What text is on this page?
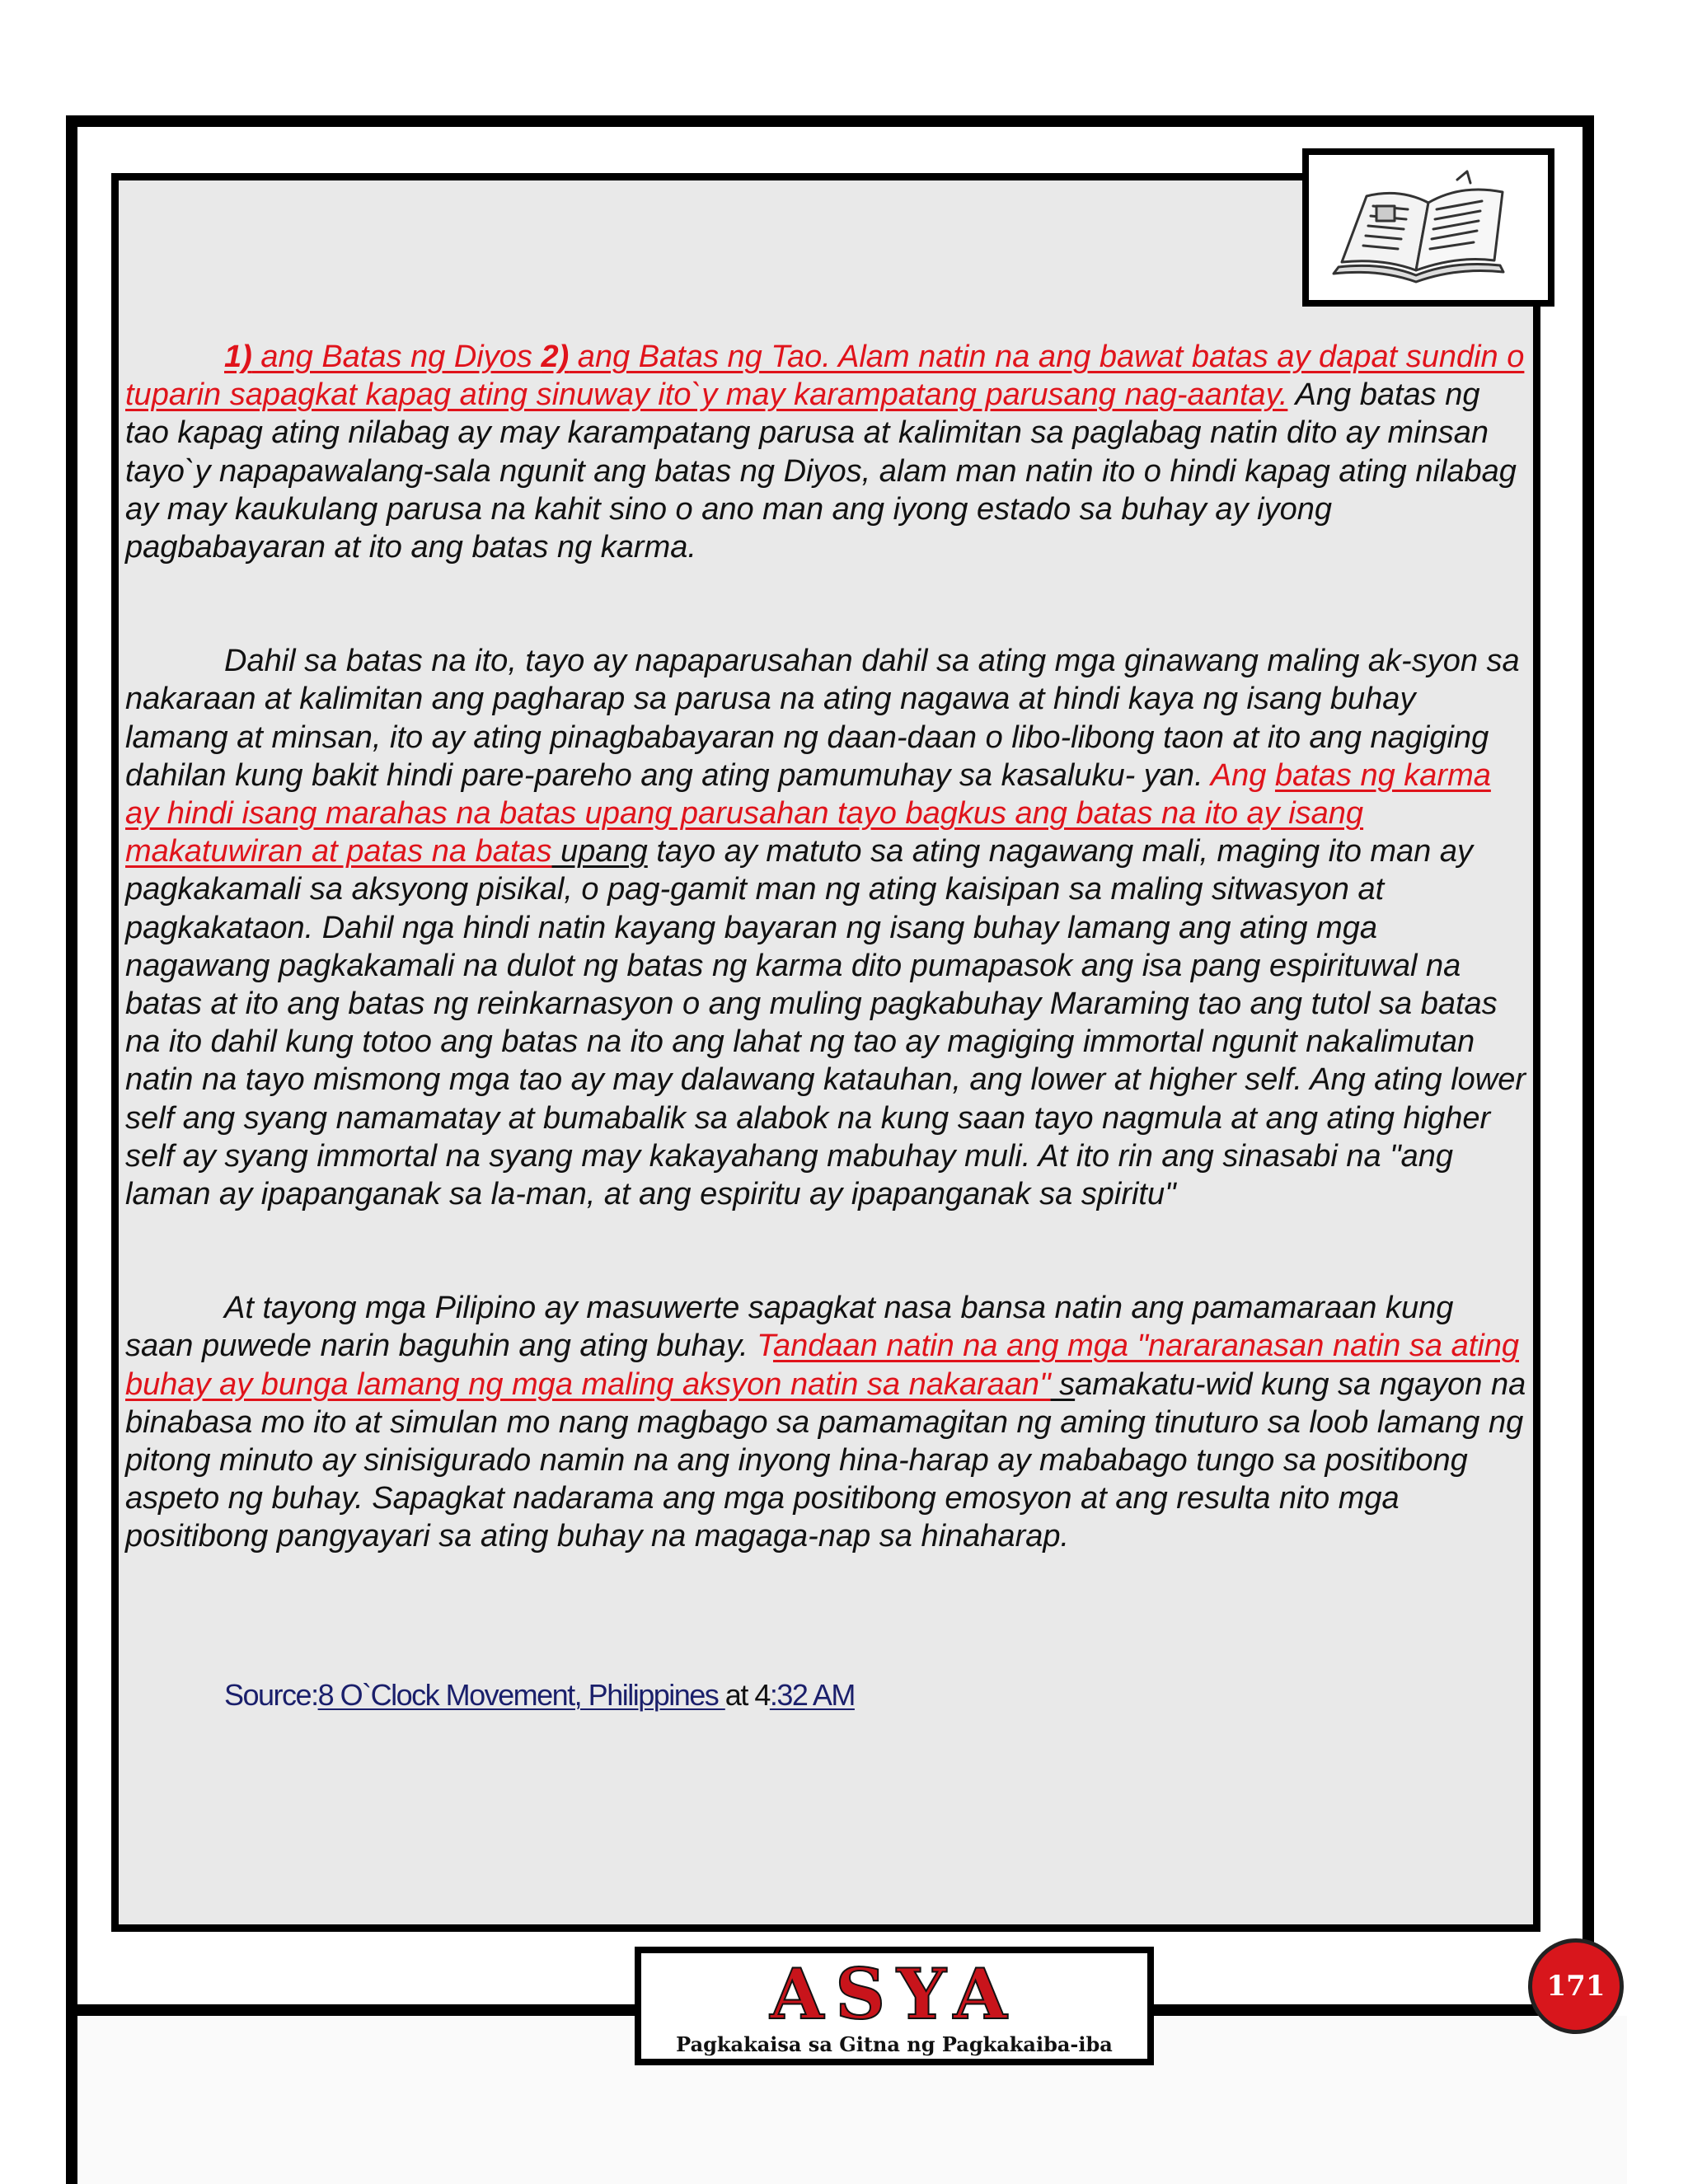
1) ang Batas ng Diyos 2) ang Batas ng Tao. Alam natin na ang bawat batas ay dapat sundin o tuparin sapagkat kapag ating sinuway ito`y may karampatang parusang nag-aantay. Ang batas ng tao kapag ating nilabag ay may karampatang parusa at kalimitan sa paglabag natin dito ay minsan tayo`y napapawalang-sala ngunit ang batas ng Diyos, alam man natin ito o hindi kapag ating nilabag ay may kaukulang parusa na kahit sino o ano man ang iyong estado sa buhay ay iyong pagbabayaran at ito ang batas ng karma.

Dahil sa batas na ito, tayo ay napaparusahan dahil sa ating mga ginawang maling ak-syon sa nakaraan at kalimitan ang pagharap sa parusa na ating nagawa at hindi kaya ng isang buhay lamang at minsan, ito ay ating pinagbabayaran ng daan-daan o libo-libong taon at ito ang nagiging dahilan kung bakit hindi pare-pareho ang ating pamumuhay sa kasaluku- yan. Ang batas ng karma ay hindi isang marahas na batas upang parusahan tayo bagkus ang batas na ito ay isang makatuwiran at patas na batas upang tayo ay matuto sa ating nagawang mali, maging ito man ay pagkakamali sa aksyong pisikal, o pag-gamit man ng ating kaisipan sa maling sitwasyon at pagkakataon. Dahil nga hindi natin kayang bayaran ng isang buhay lamang ang ating mga nagawang pagkakamali na dulot ng batas ng karma dito pumapasok ang isa pang espirituwal na batas at ito ang batas ng reinkarnasyon o ang muling pagkabuhay Maraming tao ang tutol sa batas na ito dahil kung totoo ang batas na ito ang lahat ng tao ay magiging immortal ngunit nakalimutan natin na tayo mismong mga tao ay may dalawang katauhan, ang lower at higher self. Ang ating lower self ang syang namamatay at bumabalik sa alabok na kung saan tayo nagmula at ang ating higher self ay syang immortal na syang may kakayahang mabuhay muli. At ito rin ang sinasabi na "ang laman ay ipapanganak sa la-man, at ang espiritu ay ipapanganak sa spiritu"

At tayong mga Pilipino ay masuwerte sapagkat nasa bansa natin ang pamamaraan kung saan puwede narin baguhin ang ating buhay. Tandaan natin na ang mga "nararanasan natin sa ating buhay ay bunga lamang ng mga maling aksyon natin sa nakaraan" samakatu-wid kung sa ngayon na binabasa mo ito at simulan mo nang magbago sa pamamagitan ng aming tinuturo sa loob lamang ng pitong minuto ay sinisigurado namin na ang inyong hina-harap ay mababago tungo sa positibong aspeto ng buhay. Sapagkat nadarama ang mga positibong emosyon at ang resulta nito mga positibong pangyayari sa ating buhay na magaga-nap sa hinaharap.

Source:8 O`Clock Movement, Philippines at 4:32 AM
ASYA
Pagkakaisa sa Gitna ng Pagkakaiba-iba
171
